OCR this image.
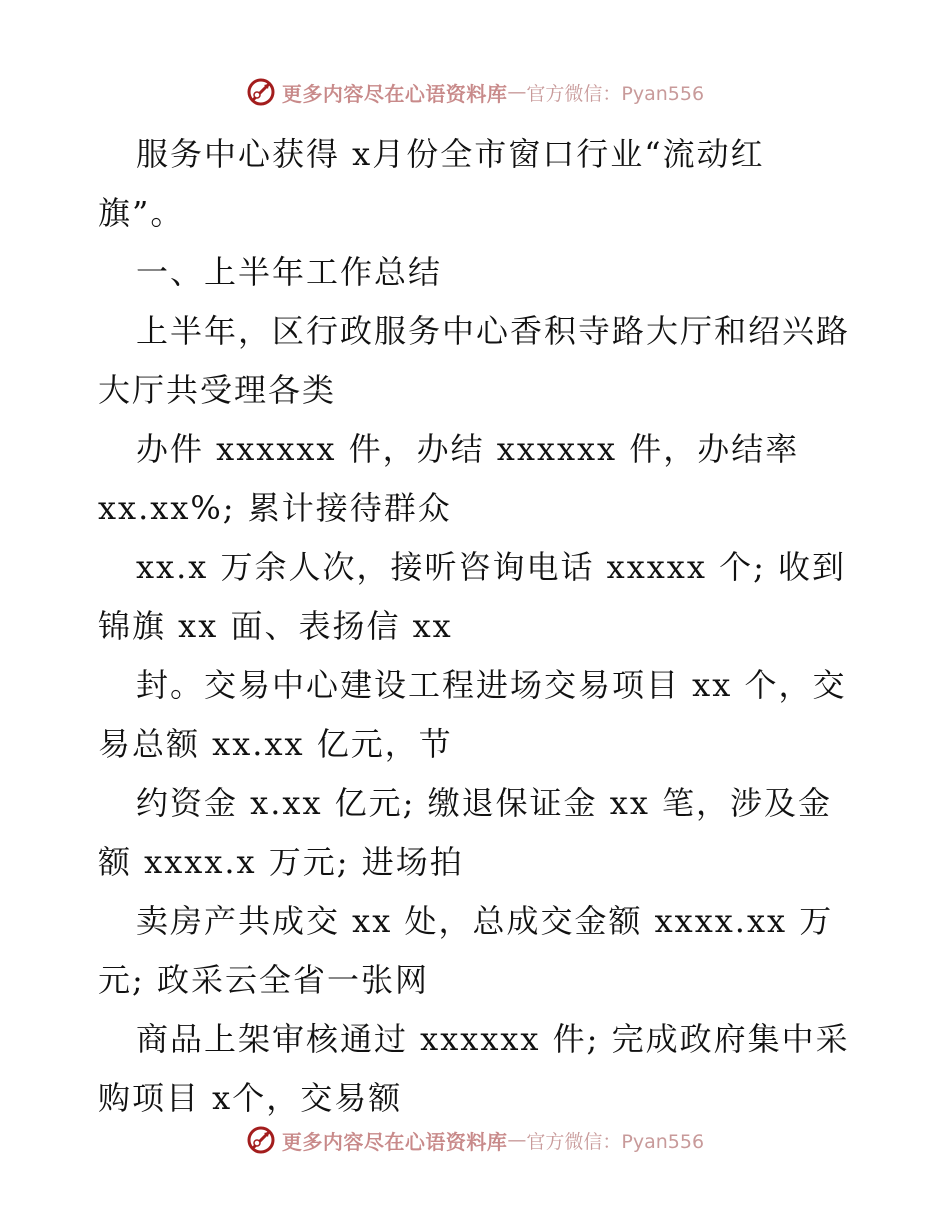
更多内容尽在心语资料库 — 官方微信：Pyan556
服务中心获得 x月份全市窗口行业“流动红
旗”。
一、上半年工作总结
上半年，区行政服务中心香积寺路大厅和绍兴路
大厅共受理各类
办件 xxxxxx 件，办结 xxxxxx 件，办结率
xx.xx%; 累计接待群众
xx.x 万余人次，接听咨询电话 xxxxx 个; 收到
锦旗 xx 面、表扬信 xx
封。交易中心建设工程进场交易项目 xx 个，交
易总额 xx.xx 亿元，节
约资金 x.xx 亿元; 缴退保证金 xx 笔，涉及金
额 xxxx.x 万元; 进场拍
卖房产共成交 xx 处，总成交金额 xxxx.xx 万
元; 政采云全省一张网
商品上架审核通过 xxxxxx 件; 完成政府集中采
购项目 x个，交易额
更多内容尽在心语资料库 — 官方微信：Pyan556
